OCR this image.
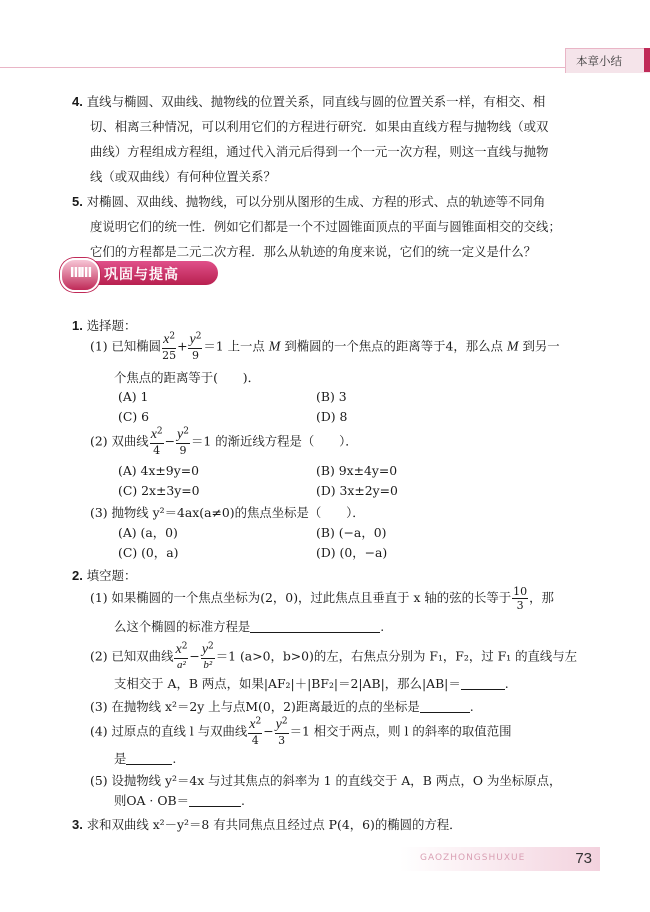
本章小结
4. 直线与椭圆、双曲线、抛物线的位置关系，同直线与圆的位置关系一样，有相交、相
切、相离三种情况，可以利用它们的方程进行研究．如果由直线方程与抛物线（或双
曲线）方程组成方程组，通过代入消元后得到一个一元一次方程，则这一直线与抛物
线（或双曲线）有何种位置关系？
5. 对椭圆、双曲线、抛物线，可以分别从图形的生成、方程的形式、点的轨迹等不同角
度说明它们的统一性．例如它们都是一个不过圆锥面顶点的平面与圆锥面相交的交线；
它们的方程都是二元二次方程．那么从轨迹的角度来说，它们的统一定义是什么？
ⅢⅢ 巩固与提高
1. 选择题：
(1) 已知椭圆 $\frac{x^2}{25} + \frac{y^2}{9} =1$ 上一点 M 到椭圆的一个焦点的距离等于4，那么点 M 到另一
个焦点的距离等于(　　)．
(A) 1	(B) 3
(C) 6	(D) 8
(2) 双曲线 $\frac{x^2}{4} - \frac{y^2}{9} =1$ 的渐近线方程是（　　）．
(A) 4x±9y=0	(B) 9x±4y=0
(C) 2x±3y=0	(D) 3x±2y=0
(3) 抛物线 y²＝4ax(a≠0)的焦点坐标是（　　）．
(A) (a，0)	(B) (−a，0)
(C) (0，a)	(D) (0，−a)
2. 填空题：
(1) 如果椭圆的一个焦点坐标为(2，0)，过此焦点且垂直于 x 轴的弦的长等于 $\frac{10}{3}$ ，那
么这个椭圆的标准方程是	.
(2) 已知双曲线 $\frac{x^2}{\text{a²}} - \frac{y^2}{\text{b²}} =1$ (a>0，b>0)的左，右焦点分别为 F₁，F₂，过 F₁ 的直线与左
支相交于 A，B 两点，如果|AF₂|＋|BF₂|＝2|AB|，那么|AB|＝	.
(3) 在抛物线 x²＝2y 上与点M(0，2)距离最近的点的坐标是	.
(4) 过原点的直线 l 与双曲线 $\frac{x^2}{4} - \frac{y^2}{3} =1$ 相交于两点，则 l 的斜率的取值范围
是	.
(5) 设抛物线 y²＝4x 与过其焦点的斜率为 1 的直线交于 A，B 两点，O 为坐标原点，
则OA · OB＝	.
3. 求和双曲线 x²－y²＝8 有共同焦点且经过点 P(4，6)的椭圆的方程．
GAOZHONGSHUXUE	73
